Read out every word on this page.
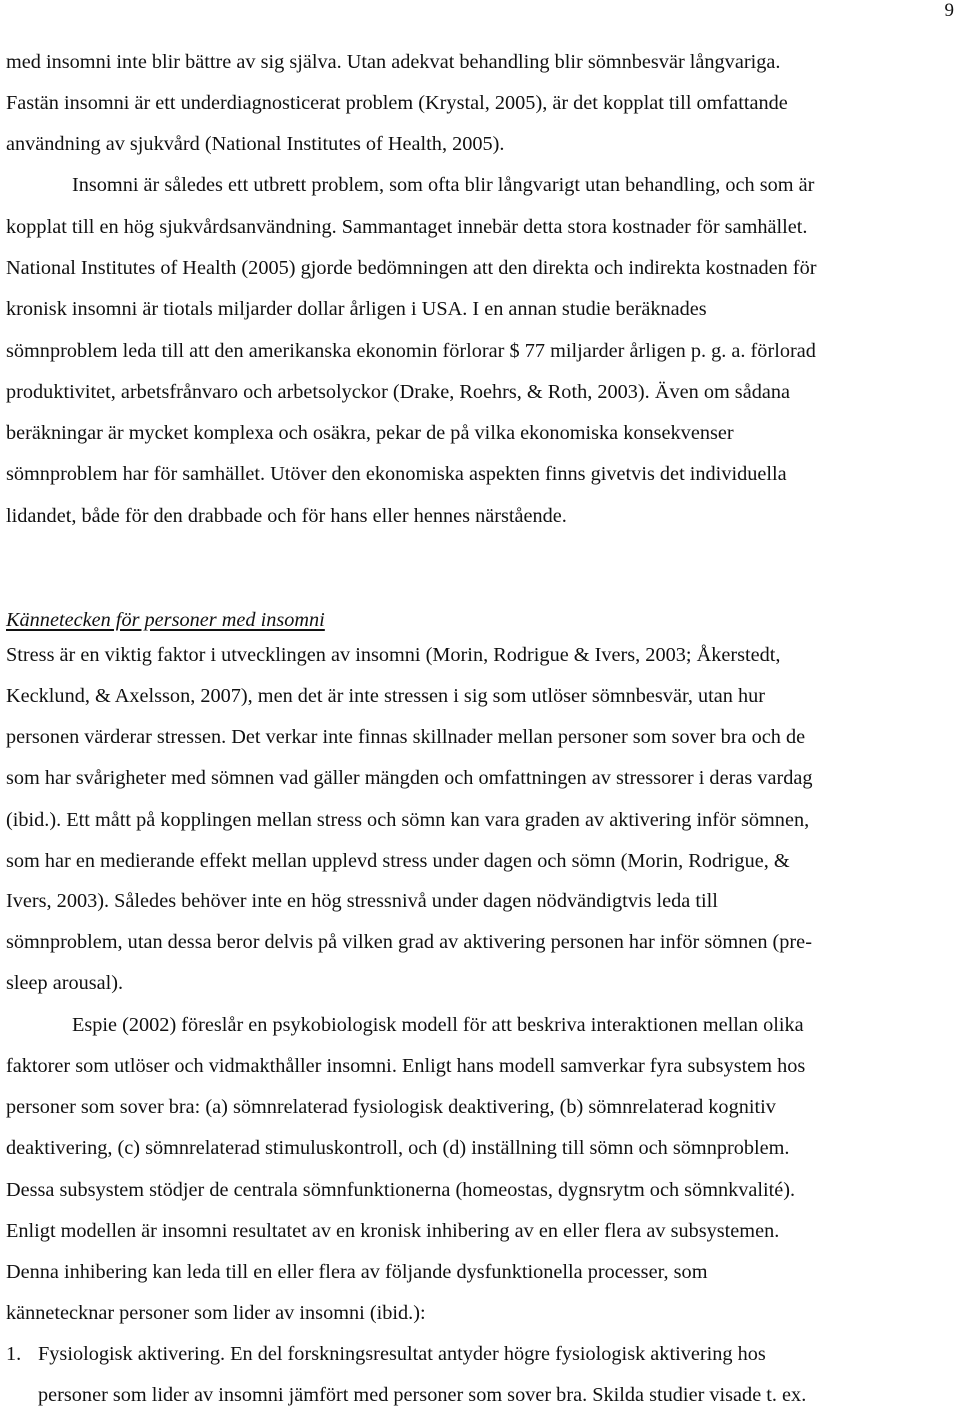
9
med insomni inte blir bättre av sig själva. Utan adekvat behandling blir sömnbesvär långvariga.
Fastän insomni är ett underdiagnosticerat problem (Krystal, 2005), är det kopplat till omfattande
användning av sjukvård (National Institutes of Health, 2005).
Insomni är således ett utbrett problem, som ofta blir långvarigt utan behandling, och som är
kopplat till en hög sjukvårdsanvändning. Sammantaget innebär detta stora kostnader för samhället.
National Institutes of Health (2005) gjorde bedömningen att den direkta och indirekta kostnaden för
kronisk insomni är tiotals miljarder dollar årligen i USA. I en annan studie beräknades
sömnproblem leda till att den amerikanska ekonomin förlorar $ 77 miljarder årligen p. g. a. förlorad
produktivitet, arbetsfrånvaro och arbetsolyckor (Drake, Roehrs, & Roth, 2003). Även om sådana
beräkningar är mycket komplexa och osäkra, pekar de på vilka ekonomiska konsekvenser
sömnproblem har för samhället. Utöver den ekonomiska aspekten finns givetvis det individuella
lidandet, både för den drabbade och för hans eller hennes närstående.
Kännetecken för personer med insomni
Stress är en viktig faktor i utvecklingen av insomni (Morin, Rodrigue & Ivers, 2003; Åkerstedt,
Kecklund, & Axelsson, 2007), men det är inte stressen i sig som utlöser sömnbesvär, utan hur
personen värderar stressen. Det verkar inte finnas skillnader mellan personer som sover bra och de
som har svårigheter med sömnen vad gäller mängden och omfattningen av stressorer i deras vardag
(ibid.). Ett mått på kopplingen mellan stress och sömn kan vara graden av aktivering inför sömnen,
som har en medierande effekt mellan upplevd stress under dagen och sömn (Morin, Rodrigue, &
Ivers, 2003). Således behöver inte en hög stressnivå under dagen nödvändigtvis leda till
sömnproblem, utan dessa beror delvis på vilken grad av aktivering personen har inför sömnen (pre-
sleep arousal).
Espie (2002) föreslår en psykobiologisk modell för att beskriva interaktionen mellan olika
faktorer som utlöser och vidmakthåller insomni. Enligt hans modell samverkar fyra subsystem hos
personer som sover bra: (a) sömnrelaterad fysiologisk deaktivering, (b) sömnrelaterad kognitiv
deaktivering, (c) sömnrelaterad stimuluskontroll, och (d) inställning till sömn och sömnproblem.
Dessa subsystem stödjer de centrala sömnfunktionerna (homeostas, dygnsrytm och sömnkvalité).
Enligt modellen är insomni resultatet av en kronisk inhibering av en eller flera av subsystemen.
Denna inhibering kan leda till en eller flera av följande dysfunktionella processer, som
kännetecknar personer som lider av insomni (ibid.):
1. Fysiologisk aktivering. En del forskningsresultat antyder högre fysiologisk aktivering hos
personer som lider av insomni jämfört med personer som sover bra. Skilda studier visade t. ex.
